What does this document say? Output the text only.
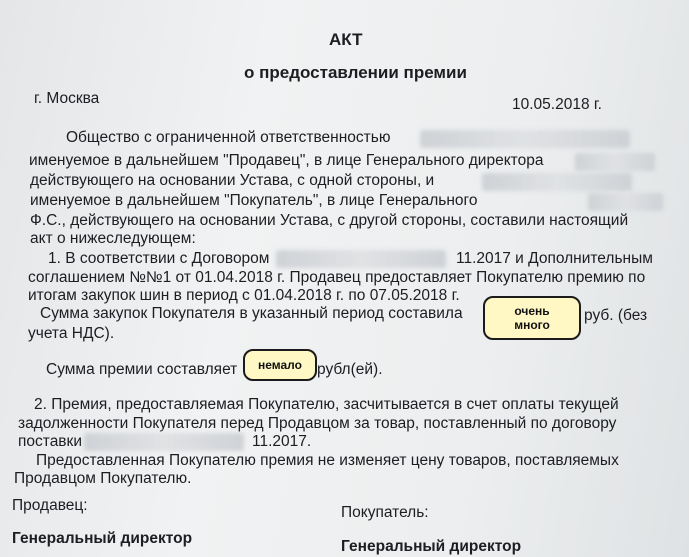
АКТ
о предоставлении премии
г. Москва	10.05.2018 г.
Общество с ограниченной ответственностью
именуемое в дальнейшем "Продавец", в лице Генерального директора
действующего на основании Устава, с одной стороны, и
именуемое в дальнейшем "Покупатель", в лице Генерального
Ф.С., действующего на основании Устава, с другой стороны, составили настоящий
акт о нижеследующем:
1. В соответствии с Договором	11.2017 и Дополнительным
соглашением №№1 от 01.04.2018 г. Продавец предоставляет Покупателю премию по
итогам закупок шин в период с 01.04.2018 г. по 07.05.2018 г.
Сумма закупок Покупателя в указанный период составила	очень много
руб. (без
учета НДС).
Сумма премии составляет немало рубл(ей).
2. Премия, предоставляемая Покупателю, засчитывается в счет оплаты текущей
задолженности Покупателя перед Продавцом за товар, поставленный по договору
поставки	11.2017.
Предоставленная Покупателю премия не изменяет цену товаров, поставляемых
Продавцом Покупателю.
Продавец:	Покупатель:
Генеральный директор	Генеральный директор
